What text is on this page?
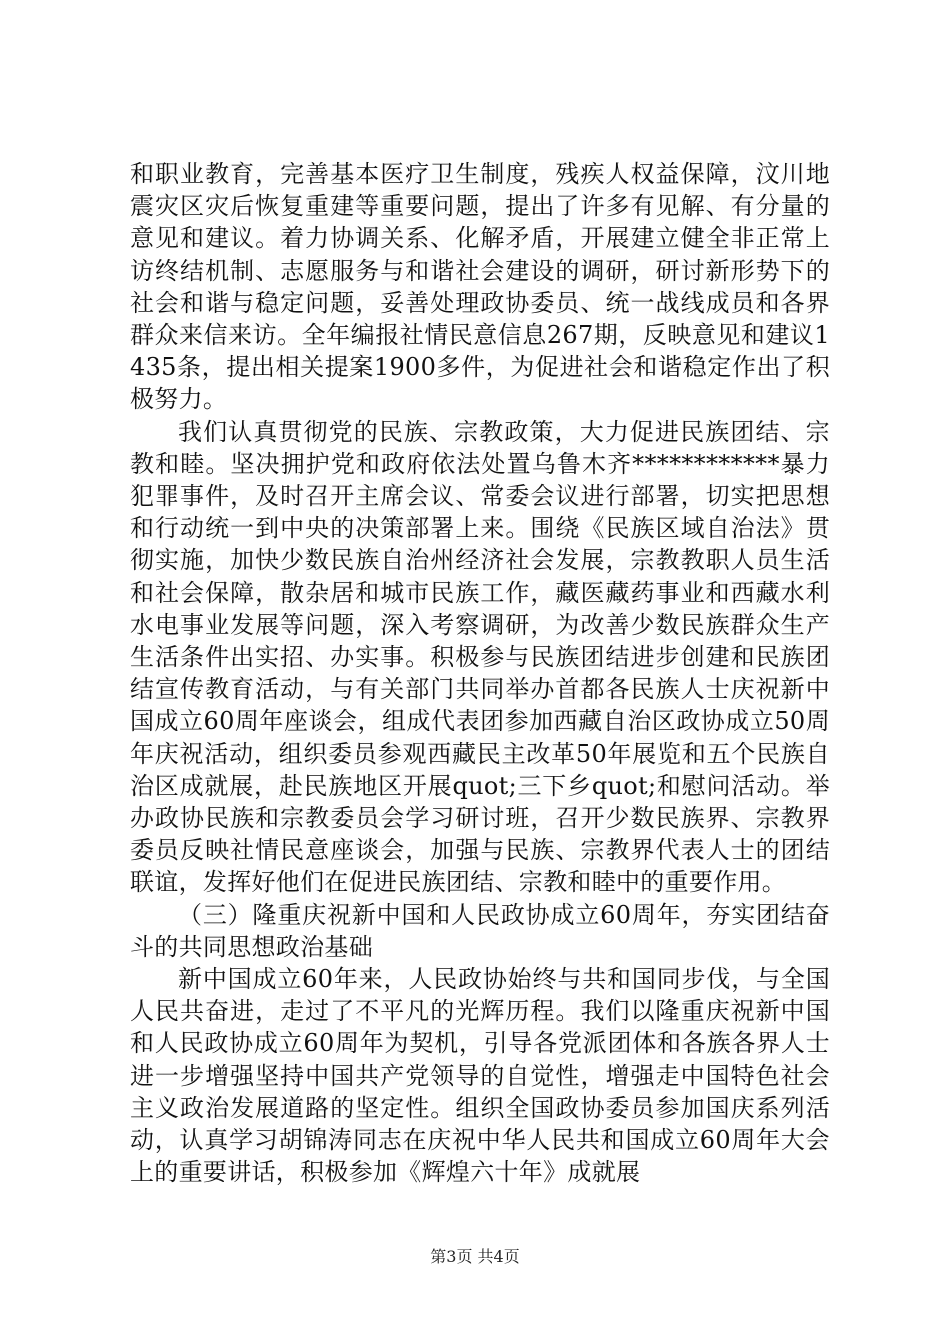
和职业教育，完善基本医疗卫生制度，残疾人权益保障，汶川地震灾区灾后恢复重建等重要问题，提出了许多有见解、有分量的意见和建议。着力协调关系、化解矛盾，开展建立健全非正常上访终结机制、志愿服务与和谐社会建设的调研，研讨新形势下的社会和谐与稳定问题，妥善处理政协委员、统一战线成员和各界群众来信来访。全年编报社情民意信息267期，反映意见和建议1435条，提出相关提案1900多件，为促进社会和谐稳定作出了积极努力。

我们认真贯彻党的民族、宗教政策，大力促进民族团结、宗教和睦。坚决拥护党和政府依法处置乌鲁木齐************暴力犯罪事件，及时召开主席会议、常委会议进行部署，切实把思想和行动统一到中央的决策部署上来。围绕《民族区域自治法》贯彻实施，加快少数民族自治州经济社会发展，宗教教职人员生活和社会保障，散杂居和城市民族工作，藏医藏药事业和西藏水利水电事业发展等问题，深入考察调研，为改善少数民族群众生产生活条件出实招、办实事。积极参与民族团结进步创建和民族团结宣传教育活动，与有关部门共同举办首都各民族人士庆祝新中国成立60周年座谈会，组成代表团参加西藏自治区政协成立50周年庆祝活动，组织委员参观西藏民主改革50年展览和五个民族自治区成就展，赴民族地区开展quot;三下乡quot;和慰问活动。举办政协民族和宗教委员会学习研讨班，召开少数民族界、宗教界委员反映社情民意座谈会，加强与民族、宗教界代表人士的团结联谊，发挥好他们在促进民族团结、宗教和睦中的重要作用。

（三）隆重庆祝新中国和人民政协成立60周年，夯实团结奋斗的共同思想政治基础

新中国成立60年来，人民政协始终与共和国同步伐，与全国人民共奋进，走过了不平凡的光辉历程。我们以隆重庆祝新中国和人民政协成立60周年为契机，引导各党派团体和各族各界人士进一步增强坚持中国共产党领导的自觉性，增强走中国特色社会主义政治发展道路的坚定性。组织全国政协委员参加国庆系列活动，认真学习胡锦涛同志在庆祝中华人民共和国成立60周年大会上的重要讲话，积极参加《辉煌六十年》成就展

第3页 共4页
